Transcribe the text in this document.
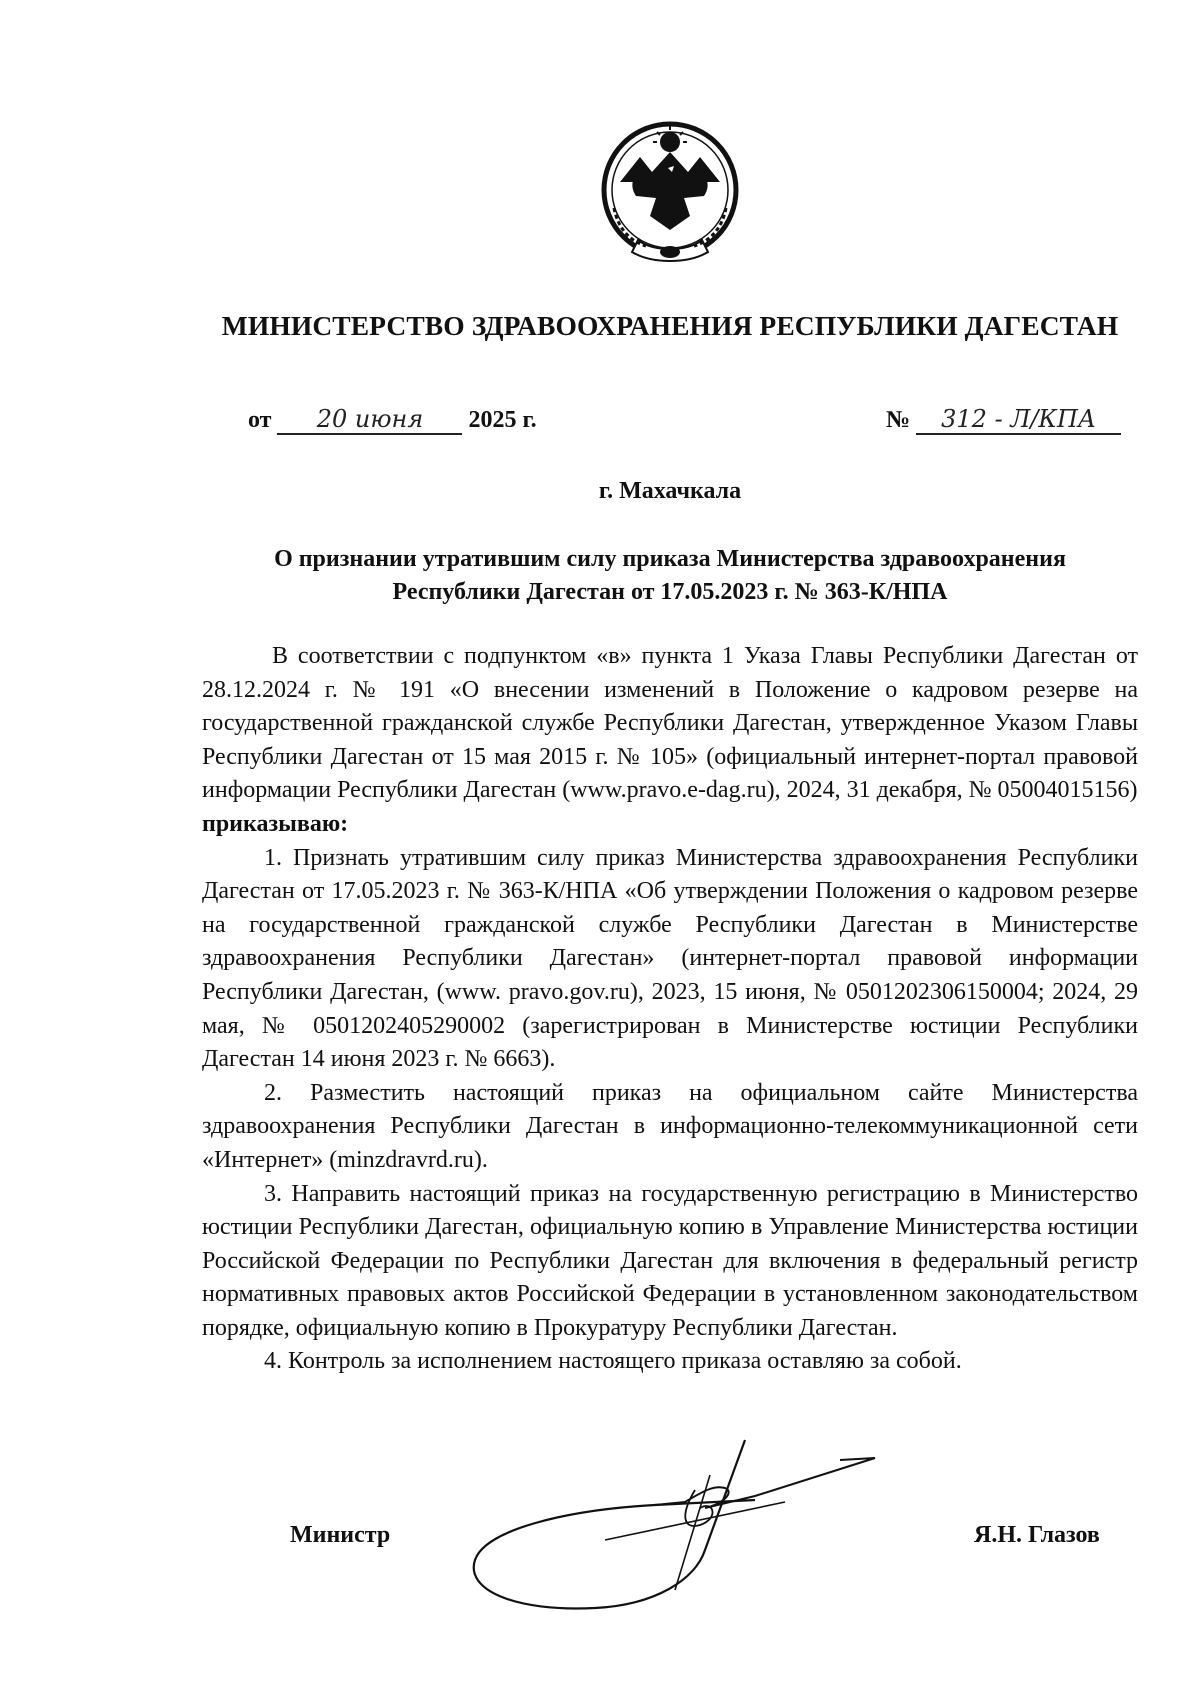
МИНИСТЕРСТВО ЗДРАВООХРАНЕНИЯ РЕСПУБЛИКИ ДАГЕСТАН
от 20 июня 2025 г.	№ 312 - Л/КПА
г. Махачкала
О признании утратившим силу приказа Министерства здравоохранения
Республики Дагестан от 17.05.2023 г. № 363-К/НПА

В соответствии с подпунктом «в» пункта 1 Указа Главы Республики Дагестан от 28.12.2024 г. № 191 «О внесении изменений в Положение о кадровом резерве на государственной гражданской службе Республики Дагестан, утвержденное Указом Главы Республики Дагестан от 15 мая 2015 г. № 105» (официальный интернет-портал правовой информации Республики Дагестан (www.pravo.e-dag.ru), 2024, 31 декабря, № 05004015156)

приказываю:

1. Признать утратившим силу приказ Министерства здравоохранения Республики Дагестан от 17.05.2023 г. № 363-К/НПА «Об утверждении Положения о кадровом резерве на государственной гражданской службе Республики Дагестан в Министерстве здравоохранения Республики Дагестан» (интернет-портал правовой информации Республики Дагестан, (www. pravo.gov.ru), 2023, 15 июня, № 0501202306150004; 2024, 29 мая, № 0501202405290002 (зарегистрирован в Министерстве юстиции Республики Дагестан 14 июня 2023 г. № 6663).

2. Разместить настоящий приказ на официальном сайте Министерства здравоохранения Республики Дагестан в информационно-телекоммуникационной сети «Интернет» (minzdravrd.ru).

3. Направить настоящий приказ на государственную регистрацию в Министерство юстиции Республики Дагестан, официальную копию в Управление Министерства юстиции Российской Федерации по Республики Дагестан для включения в федеральный регистр нормативных правовых актов Российской Федерации в установленном законодательством порядке, официальную копию в Прокуратуру Республики Дагестан.

4. Контроль за исполнением настоящего приказа оставляю за собой.

Министр	Я.Н. Глазов
